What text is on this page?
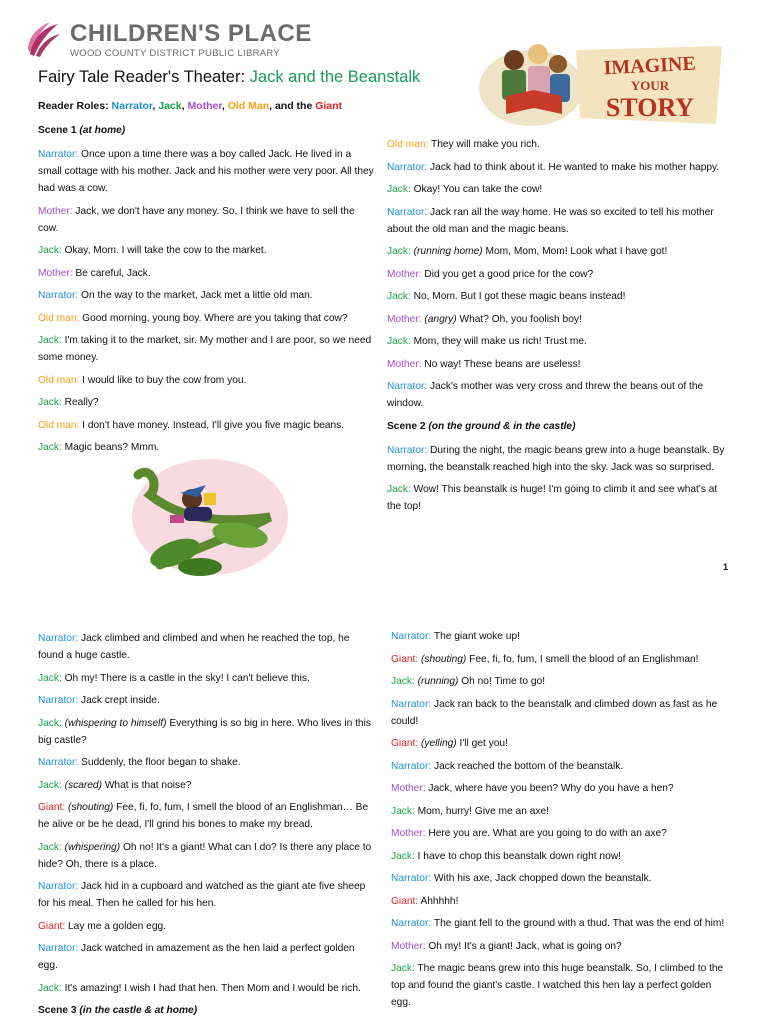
CHILDREN'S PLACE
WOOD COUNTY DISTRICT PUBLIC LIBRARY
Fairy Tale Reader's Theater: Jack and the Beanstalk
Reader Roles: Narrator, Jack, Mother, Old Man, and the Giant
IMAGINE
YOUR
STORY

Scene 1 (at home)

Narrator: Once upon a time there was a boy called Jack. He lived in a small cottage with his mother. Jack and his mother were very poor. All they had was a cow.

Mother: Jack, we don't have any money. So, I think we have to sell the cow.

Jack: Okay, Mom. I will take the cow to the market.

Mother: Be careful, Jack.

Narrator: On the way to the market, Jack met a little old man.

Old man: Good morning, young boy. Where are you taking that cow?

Jack: I'm taking it to the market, sir. My mother and I are poor, so we need some money.

Old man: I would like to buy the cow from you.

Jack: Really?

Old man: I don't have money. Instead, I'll give you five magic beans.

Jack: Magic beans? Mmm.

Old man: They will make you rich.

Narrator: Jack had to think about it. He wanted to make his mother happy.

Jack: Okay! You can take the cow!

Narrator: Jack ran all the way home. He was so excited to tell his mother about the old man and the magic beans.

Jack: (running home) Mom, Mom, Mom! Look what I have got!

Mother: Did you get a good price for the cow?

Jack: No, Mom. But I got these magic beans instead!

Mother: (angry) What? Oh, you foolish boy!

Jack: Mom, they will make us rich! Trust me.

Mother: No way! These beans are useless!

Narrator: Jack's mother was very cross and threw the beans out of the window.

Scene 2 (on the ground & in the castle)

Narrator: During the night, the magic beans grew into a huge beanstalk. By morning, the beanstalk reached high into the sky. Jack was so surprised.

Jack: Wow! This beanstalk is huge! I'm going to climb it and see what's at the top!

1

Narrator: Jack climbed and climbed and when he reached the top, he found a huge castle.

Jack: Oh my! There is a castle in the sky! I can't believe this.

Narrator: Jack crept inside.

Jack: (whispering to himself) Everything is so big in here. Who lives in this big castle?

Narrator: Suddenly, the floor began to shake.

Jack: (scared) What is that noise?

Giant: (shouting) Fee, fi, fo, fum, I smell the blood of an Englishman… Be he alive or be he dead, I'll grind his bones to make my bread.

Jack: (whispering) Oh no! It's a giant! What can I do? Is there any place to hide? Oh, there is a place.

Narrator: Jack hid in a cupboard and watched as the giant ate five sheep for his meal. Then he called for his hen.

Giant: Lay me a golden egg.

Narrator: Jack watched in amazement as the hen laid a perfect golden egg.

Jack: It's amazing! I wish I had that hen. Then Mom and I would be rich.

Scene 3 (in the castle & at home)

Narrator: The giant woke up!

Giant: (shouting) Fee, fi, fo, fum, I smell the blood of an Englishman!

Jack: (running) Oh no! Time to go!

Narrator: Jack ran back to the beanstalk and climbed down as fast as he could!

Giant: (yelling) I'll get you!

Narrator: Jack reached the bottom of the beanstalk.

Mother: Jack, where have you been? Why do you have a hen?

Jack: Mom, hurry! Give me an axe!

Mother: Here you are. What are you going to do with an axe?

Jack: I have to chop this beanstalk down right now!

Narrator: With his axe, Jack chopped down the beanstalk.

Giant: Ahhhhh!

Narrator: The giant fell to the ground with a thud. That was the end of him!

Mother: Oh my! It's a giant! Jack, what is going on?

Jack: The magic beans grew into this huge beanstalk. So, I climbed to the top and found the giant's castle. I watched this hen lay a perfect golden egg.
